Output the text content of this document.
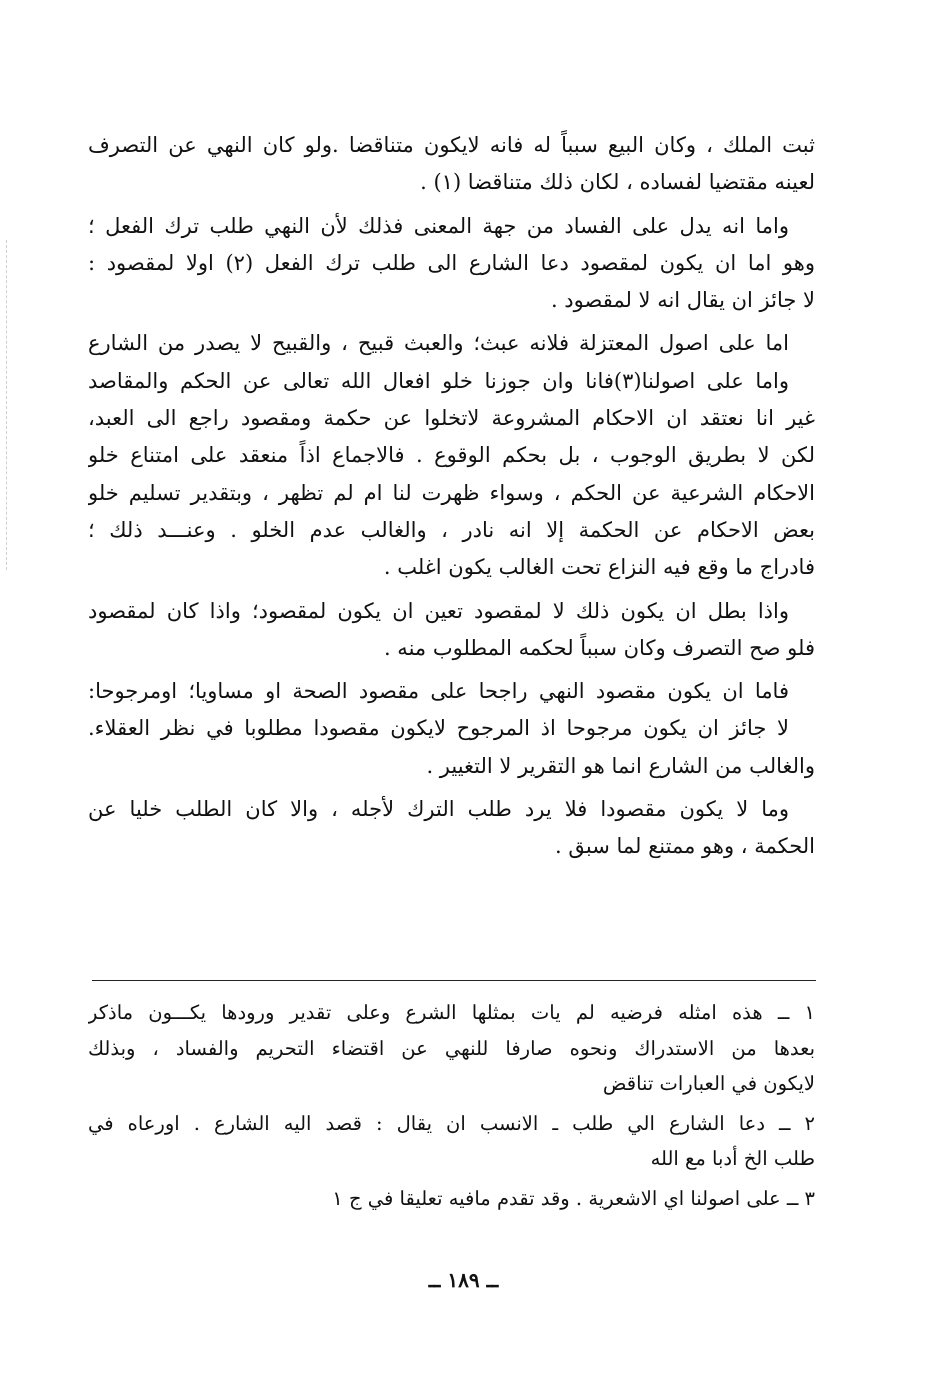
ثبت الملك ، وكان البيع سبباً له فانه لايكون متناقضا .ولو كان النهي عن التصرف
لعينه مقتضيا لفساده ، لكان ذلك متناقضا (١) .
واما انه يدل على الفساد من جهة المعنى فذلك لأن النهي طلب ترك الفعل ؛
وهو اما ان يكون لمقصود دعا الشارع الى طلب ترك الفعل (٢) اولا لمقصود :
لا جائز ان يقال انه لا لمقصود .
اما على اصول المعتزلة فلانه عبث؛ والعبث قبيح ، والقبيح لا يصدر من الشارع
واما على اصولنا(٣)فانا وان جوزنا خلو افعال الله تعالى عن الحكم والمقاصد
غير انا نعتقد ان الاحكام المشروعة لاتخلوا عن حكمة ومقصود راجع الى العبد،
لكن لا بطريق الوجوب ، بل بحكم الوقوع . فالاجماع اذاً منعقد على امتناع خلو
الاحكام الشرعية عن الحكم ، وسواء ظهرت لنا ام لم تظهر ، وبتقدير تسليم خلو
بعض الاحكام عن الحكمة إلا انه نادر ، والغالب عدم الخلو . وعنـــد ذلك ؛
فادراج ما وقع فيه النزاع تحت الغالب يكون اغلب .
واذا بطل ان يكون ذلك لا لمقصود تعين ان يكون لمقصود؛ واذا كان لمقصود
فلو صح التصرف وكان سبباً لحكمه المطلوب منه .
فاما ان يكون مقصود النهي راجحا على مقصود الصحة او مساويا؛ اومرجوحا:
لا جائز ان يكون مرجوحا اذ المرجوح لايكون مقصودا مطلوبا في نظر العقلاء.
والغالب من الشارع انما هو التقرير لا التغيير .
وما لا يكون مقصودا فلا يرد طلب الترك لأجله ، والا كان الطلب خليا عن
الحكمة ، وهو ممتنع لما سبق .
١ ــ هذه امثله فرضيه لم يات بمثلها الشرع وعلى تقدير ورودها يكـــون ماذكر
بعدها من الاستدراك ونحوه صارفا للنهي عن اقتضاء التحريم والفساد ، وبذلك
لايكون في العبارات تناقض
٢ ــ دعا الشارع الي طلب ـ الانسب ان يقال : قصد اليه الشارع . اورعاه في
طلب الخ أدبا مع الله
٣ ــ على اصولنا اي الاشعرية . وقد تقدم مافيه تعليقا في ج ١
ــ ١٨٩ ــ
